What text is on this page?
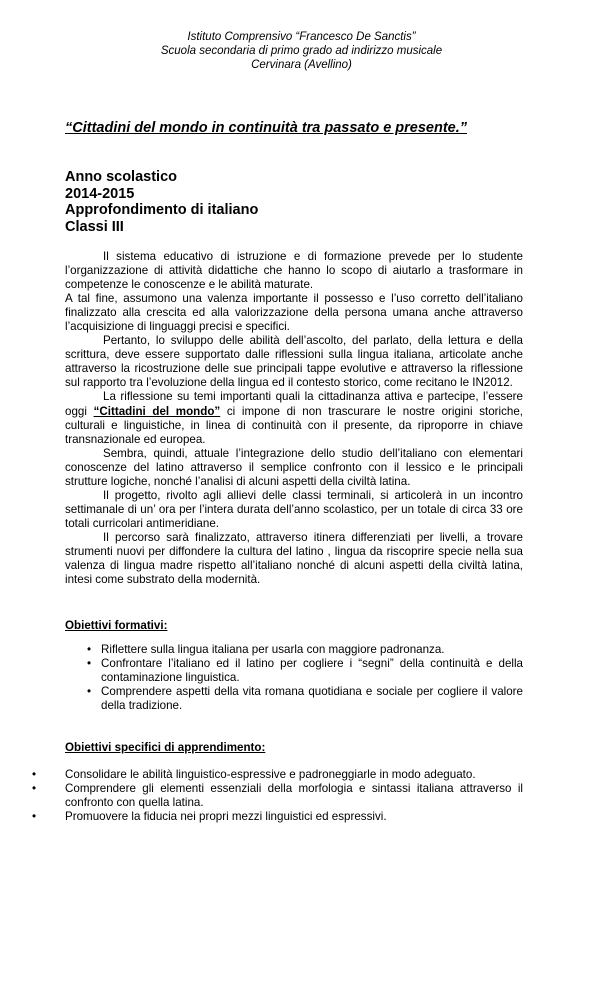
Istituto Comprensivo “Francesco De Sanctis”
Scuola secondaria di primo grado ad indirizzo musicale
Cervinara (Avellino)
“Cittadini del mondo in continuità tra passato e presente.”
Anno scolastico
2014-2015
Approfondimento di italiano
Classi III

Il sistema educativo di istruzione e di formazione prevede per lo studente l’organizzazione di attività didattiche che hanno lo scopo di aiutarlo a trasformare in competenze le conoscenze e le abilità maturate.

A tal fine, assumono una valenza importante il possesso e l’uso corretto dell’italiano finalizzato alla crescita ed alla valorizzazione della persona umana anche attraverso l’acquisizione di linguaggi precisi e specifici.

Pertanto, lo sviluppo delle abilità dell’ascolto, del parlato, della lettura e della scrittura, deve essere supportato dalle riflessioni sulla lingua italiana, articolate anche attraverso la ricostruzione delle sue principali tappe evolutive e attraverso la riflessione sul rapporto tra l’evoluzione della lingua ed il contesto storico, come recitano le IN2012.

La riflessione su temi importanti quali la cittadinanza attiva e partecipe, l’essere oggi “Cittadini del mondo” ci impone di non trascurare le nostre origini storiche, culturali e linguistiche, in linea di continuità con il presente, da riproporre in chiave transnazionale ed europea.

Sembra, quindi, attuale l’integrazione dello studio dell’italiano con elementari conoscenze del latino attraverso il semplice confronto con il lessico e le principali strutture logiche, nonché l’analisi di alcuni aspetti della civiltà latina.

Il progetto, rivolto agli allievi delle classi terminali, si articolerà in un incontro settimanale di un’ ora per l’intera durata dell’anno scolastico, per un totale di circa 33 ore totali curricolari antimeridiane.

Il percorso sarà finalizzato, attraverso itinera differenziati per livelli, a trovare strumenti nuovi per diffondere la cultura del latino , lingua da riscoprire specie nella sua valenza di lingua madre rispetto all’italiano nonché di alcuni aspetti della civiltà latina, intesi come substrato della modernità.

Obiettivi formativi:
• Riflettere sulla lingua italiana per usarla con maggiore padronanza.
• Confrontare l’italiano ed il latino per cogliere i “segni” della continuità e della contaminazione linguistica.
• Comprendere aspetti della vita romana quotidiana e sociale per cogliere il valore della tradizione.
Obiettivi specifici di apprendimento:
• Consolidare le abilità linguistico-espressive e padroneggiarle in modo adeguato.
• Comprendere gli elementi essenziali della morfologia e sintassi italiana attraverso il confronto con quella latina.
• Promuovere la fiducia nei propri mezzi linguistici ed espressivi.
